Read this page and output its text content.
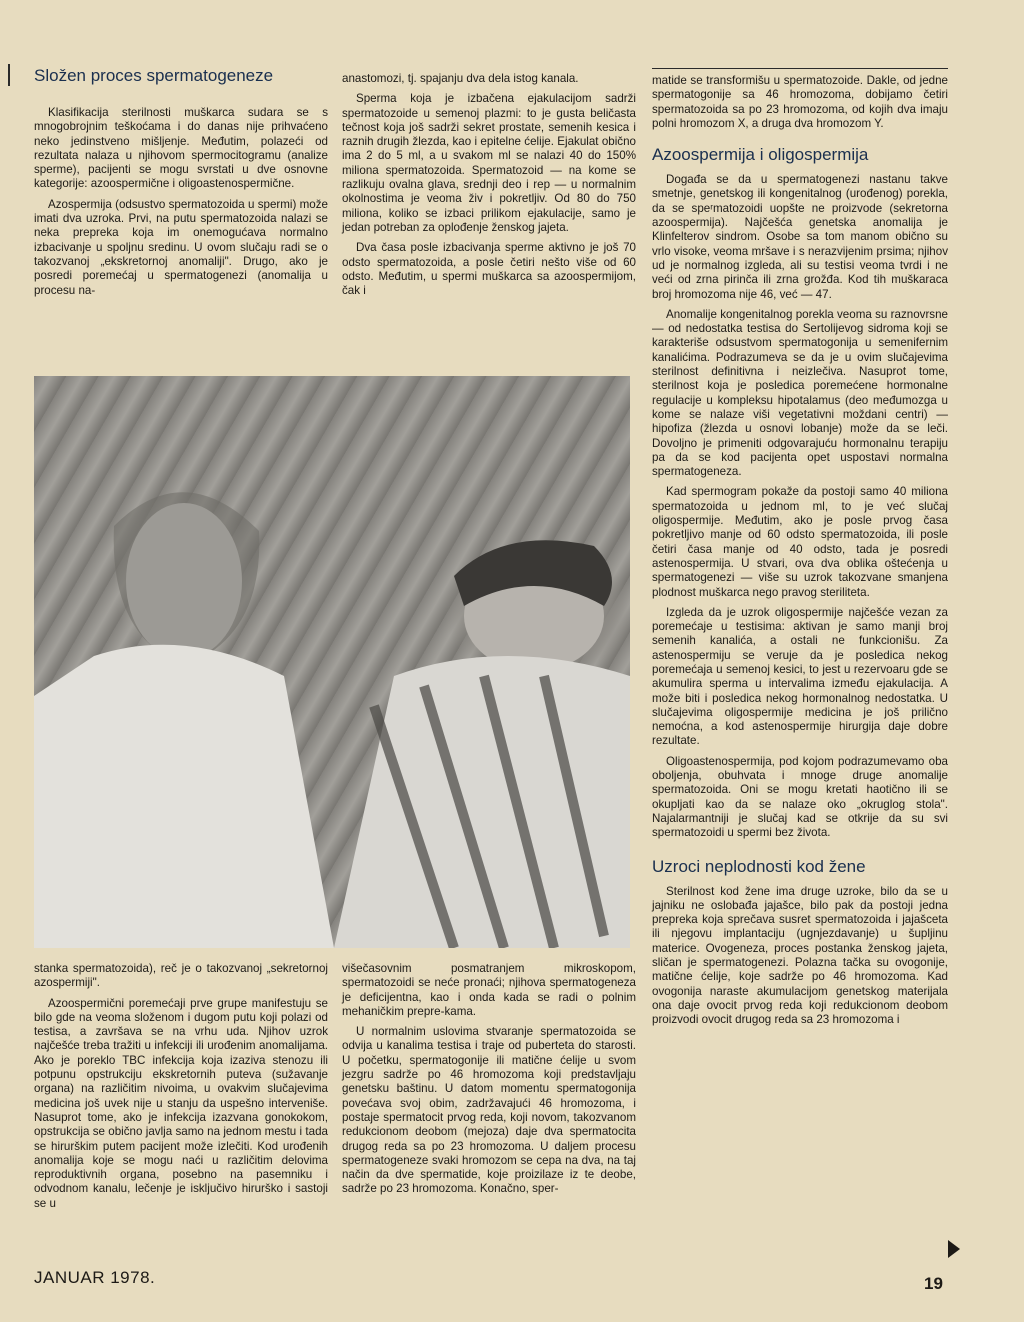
Složen proces spermatogeneze

Klasifikacija sterilnosti muškarca sudara se s mnogobrojnim teškoćama i do danas nije prihvaćeno neko jedinstveno mišljenje. Međutim, polazeći od rezultata nalaza u njihovom spermocitogramu (analize sperme), pacijenti se mogu svrstati u dve osnovne kategorije: azoospermične i oligoastenospermične.

Azospermija (odsustvo spermatozoida u spermi) može imati dva uzroka. Prvi, na putu spermatozoida nalazi se neka prepreka koja im onemogućava normalno izbacivanje u spoljnu sredinu. U ovom slučaju radi se o takozvanoj „ekskretornoj anomaliji". Drugo, ako je posredi poremećaj u spermatogenezi (anomalija u procesu na-

anastomozi, tj. spajanju dva dela istog kanala.

Sperma koja je izbačena ejakulacijom sadrži spermatozoide u semenoj plazmi: to je gusta beličasta tečnost koja još sadrži sekret prostate, semenih kesica i raznih drugih žlezda, kao i epitelne ćelije. Ejakulat obično ima 2 do 5 ml, a u svakom ml se nalazi 40 do 150% miliona spermatozoida. Spermatozoid — na kome se razlikuju ovalna glava, srednji deo i rep — u normalnim okolnostima je veoma živ i pokretljiv. Od 80 do 750 miliona, koliko se izbaci prilikom ejakulacije, samo je jedan potreban za oplođenje ženskog jajeta.

Dva časa posle izbacivanja sperme aktivno je još 70 odsto spermatozoida, a posle četiri nešto više od 60 odsto. Međutim, u spermi muškarca sa azoospermijom, čak i

matide se transformišu u spermatozoide. Dakle, od jedne spermatogonije sa 46 hromozoma, dobijamo četiri spermatozoida sa po 23 hromozoma, od kojih dva imaju polni hromozom X, a druga dva hromozom Y.

Azoospermija i oligospermija

Događa se da u spermatogenezi nastanu takve smetnje, genetskog ili kongenitalnog (urođenog) porekla, da se speʳmatozoidi uopšte ne proizvode (sekretorna azoospermija). Najčešća genetska anomalija je Klinfelterov sindrom. Osobe sa tom manom obično su vrlo visoke, veoma mršave i s nerazvijenim prsima; njihov ud je normalnog izgleda, ali su testisi veoma tvrdi i ne veći od zrna pirinča ili zrna grožđa. Kod tih muškaraca broj hromozoma nije 46, već — 47.

Anomalije kongenitalnog porekla veoma su raznovrsne — od nedostatka testisa do Sertolijevog sidroma koji se karakteriše odsustvom spermatogonija u semenifernim kanalićima. Podrazumeva se da je u ovim slučajevima sterilnost definitivna i neizlečiva. Nasuprot tome, sterilnost koja je posledica poremećene hormonalne regulacije u kompleksu hipotalamus (deo međumozga u kome se nalaze viši vegetativni moždani centri) — hipofiza (žlezda u osnovi lobanje) može da se leči. Dovoljno je primeniti odgovarajuću hormonalnu terapiju pa da se kod pacijenta opet uspostavi normalna spermatogeneza.

Kad spermogram pokaže da postoji samo 40 miliona spermatozoida u jednom ml, to je već slučaj oligospermije. Međutim, ako je posle prvog časa pokretljivo manje od 60 odsto spermatozoida, ili posle četiri časa manje od 40 odsto, tada je posredi astenospermija. U stvari, ova dva oblika oštećenja u spermatogenezi — više su uzrok takozvane smanjena plodnost muškarca nego pravog steriliteta.

Izgleda da je uzrok oligospermije najčešće vezan za poremećaje u testisima: aktivan je samo manji broj semenih kanalića, a ostali ne funkcionišu. Za astenospermiju se veruje da je posledica nekog poremećaja u semenoj kesici, to jest u rezervoaru gde se akumulira sperma u intervalima između ejakulacija. A može biti i posledica nekog hormonalnog nedostatka. U slučajevima oligospermije medicina je još prilično nemoćna, a kod astenospermije hirurgija daje dobre rezultate.

Oligoastenospermija, pod kojom podrazumevamo oba oboljenja, obuhvata i mnoge druge anomalije spermatozoida. Oni se mogu kretati haotično ili se okupljati kao da se nalaze oko „okruglog stola". Najalarmantniji je slučaj kad se otkrije da su svi spermatozoidi u spermi bez života.

Uzroci neplodnosti kod žene

Sterilnost kod žene ima druge uzroke, bilo da se u jajniku ne oslobađa jajašce, bilo pak da postoji jedna prepreka koja sprečava susret spermatozoida i jajašceta ili njegovu implantaciju (ugnjezdavanje) u šupljinu materice. Ovogeneza, proces postanka ženskog jajeta, sličan je spermatogenezi. Polazna tačka su ovogonije, matične ćelije, koje sadrže po 46 hromozoma. Kad ovogonija naraste akumulacijom genetskog materijala ona daje ovocit prvog reda koji redukcionom deobom proizvodi ovocit drugog reda sa 23 hromozoma i

stanka spermatozoida), reč je o takozvanoj „sekretornoj azospermiji".

Azoospermični poremećaji prve grupe manifestuju se bilo gde na veoma složenom i dugom putu koji polazi od testisa, a završava se na vrhu uda. Njihov uzrok najčešće treba tražiti u infekciji ili urođenim anomalijama. Ako je poreklo TBC infekcija koja izaziva stenozu ili potpunu opstrukciju ekskretornih puteva (sužavanje organa) na različitim nivoima, u ovakvim slučajevima medicina još uvek nije u stanju da uspešno interveniše. Nasuprot tome, ako je infekcija izazvana gonokokom, opstrukcija se obično javlja samo na jednom mestu i tada se hirurškim putem pacijent može izlečiti. Kod urođenih anomalija koje se mogu naći u različitim delovima reproduktivnih organa, posebno na pasemniku i odvodnom kanalu, lečenje je isključivo hirurško i sastoji se u

višečasovnim posmatranjem mikroskopom, spermatozoidi se neće pronaći; njihova spermatogeneza je deficijentna, kao i onda kada se radi o polnim mehaničkim prepre-kama.

U normalnim uslovima stvaranje spermatozoida se odvija u kanalima testisa i traje od puberteta do starosti. U početku, spermatogonije ili matične ćelije u svom jezgru sadrže po 46 hromozoma koji predstavljaju genetsku baštinu. U datom momentu spermatogonija povećava svoj obim, zadržavajući 46 hromozoma, i postaje spermatocit prvog reda, koji novom, takozvanom redukcionom deobom (mejoza) daje dva spermatocita drugog reda sa po 23 hromozoma. U daljem procesu spermatogeneze svaki hromozom se cepa na dva, na taj način da dve spermatide, koje proizilaze iz te deobe, sadrže po 23 hromozoma. Konačno, sper-

JANUAR 1978.	19
